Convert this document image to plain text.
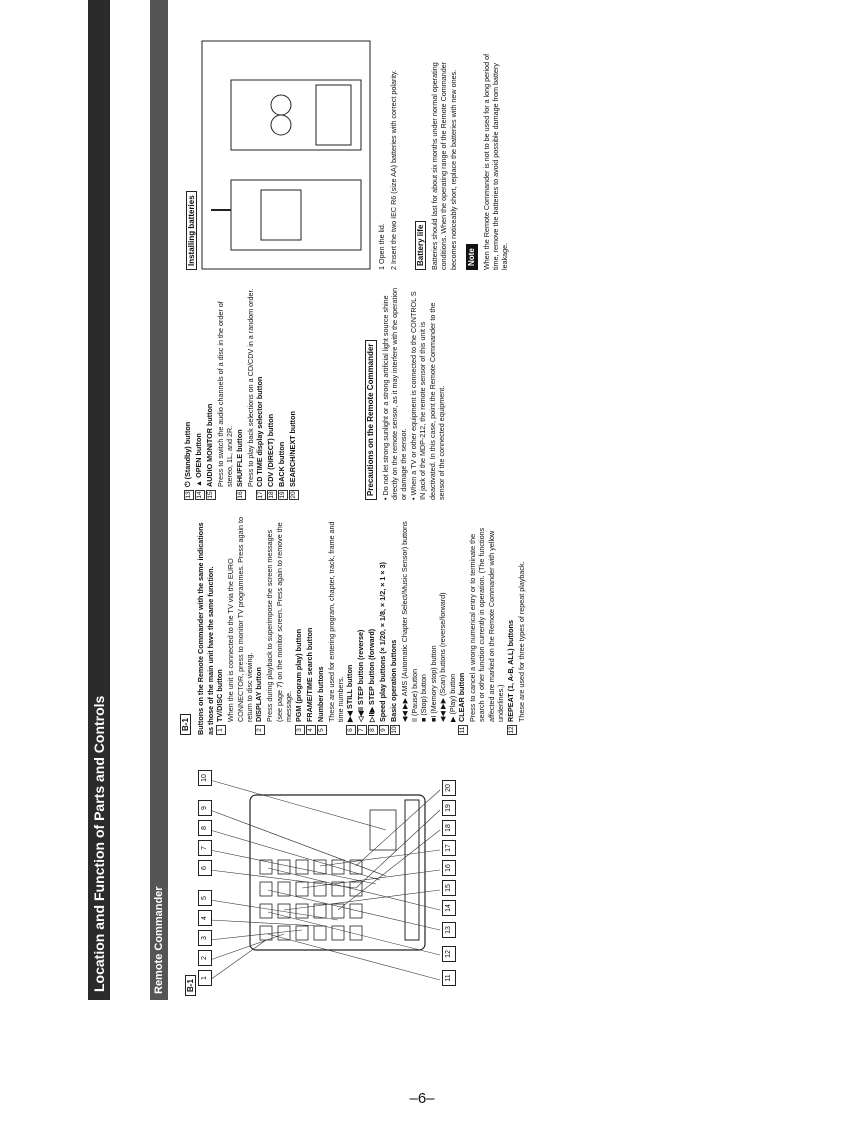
–6–
Location and Function of Parts and Controls	Remote Commander	B-1
1
2
3
4
5
6
7
8
9
10
11
12
13
14
15
16
17
18
19
20
B-1 Buttons on the Remote Commander with the same indications as those of the main unit have the same function. 1TV/DISC button When the unit is connected to the TV via the EURO CONNECTOR, press to monitor TV programmes. Press again to return to disc viewing.
2DISPLAY button Press during playback to superimpose the screen messages (see page 7) on the monitor screen. Press again to remove the message.
3PGM (program play) button
4FRAME/TIME search button
5Number buttons These are used for entering program, chapter, track, frame and time numbers.
6▶◀ STILL button
7◁◀II STEP button (reverse)
8▷II▶ STEP button (forward)
9Speed play buttons (× 1/20, × 1/8, × 1/2, × 1 × 3)
10Basic operation buttons ◀◀ ▶▶ AMS (Automatic Chapter Select/Music Sensor) buttons II (Pause) button ■ (Stop) button ■I (Memory stop) button ◀◀ ▶▶ (Scan) buttons (reverse/forward) ▶ (Play) button
11CLEAR button Press to cancel a wrong numerical entry or to terminate the search or other function currently in operation. (The functions affected are marked on the Remote Commander with yellow underlines.)
12REPEAT (1, A-B, ALL) buttons These are used for three types of repeat playback.
13⏻ (Standby) button
14▲ OPEN button
15AUDIO MONITOR button Press to switch the audio channels of a disc in the order of stereo, 1L, and 2R.
16SHUFFLE button Press to play back selections on a CD/CDV in a random order.
17CD TIME display selector button
18CDV (DIRECT) button
19BACK button
20SEARCH/NEXT button	Precautions on the Remote Commander • Do not let strong sunlight or a strong artificial light source shine directly on the remote sensor, as it may interfere with the operation or damage the sensor. • When a TV or other equipment is connected to the CONTROL S IN jack of the MDP-212, the remote sensor of this unit is deactivated. In this case, point the Remote Commander to the sensor of the connected equipment.
Installing batteries	1 Open the lid. 2 Insert the two IEC R6 (size AA) batteries with correct polarity.	Battery life Batteries should last for about six months under normal operating conditions. When the operating range of the Remote Commander becomes noticeably short, replace the batteries with new ones. Note When the Remote Commander is not to be used for a long period of time, remove the batteries to avoid possible damage from battery leakage.
